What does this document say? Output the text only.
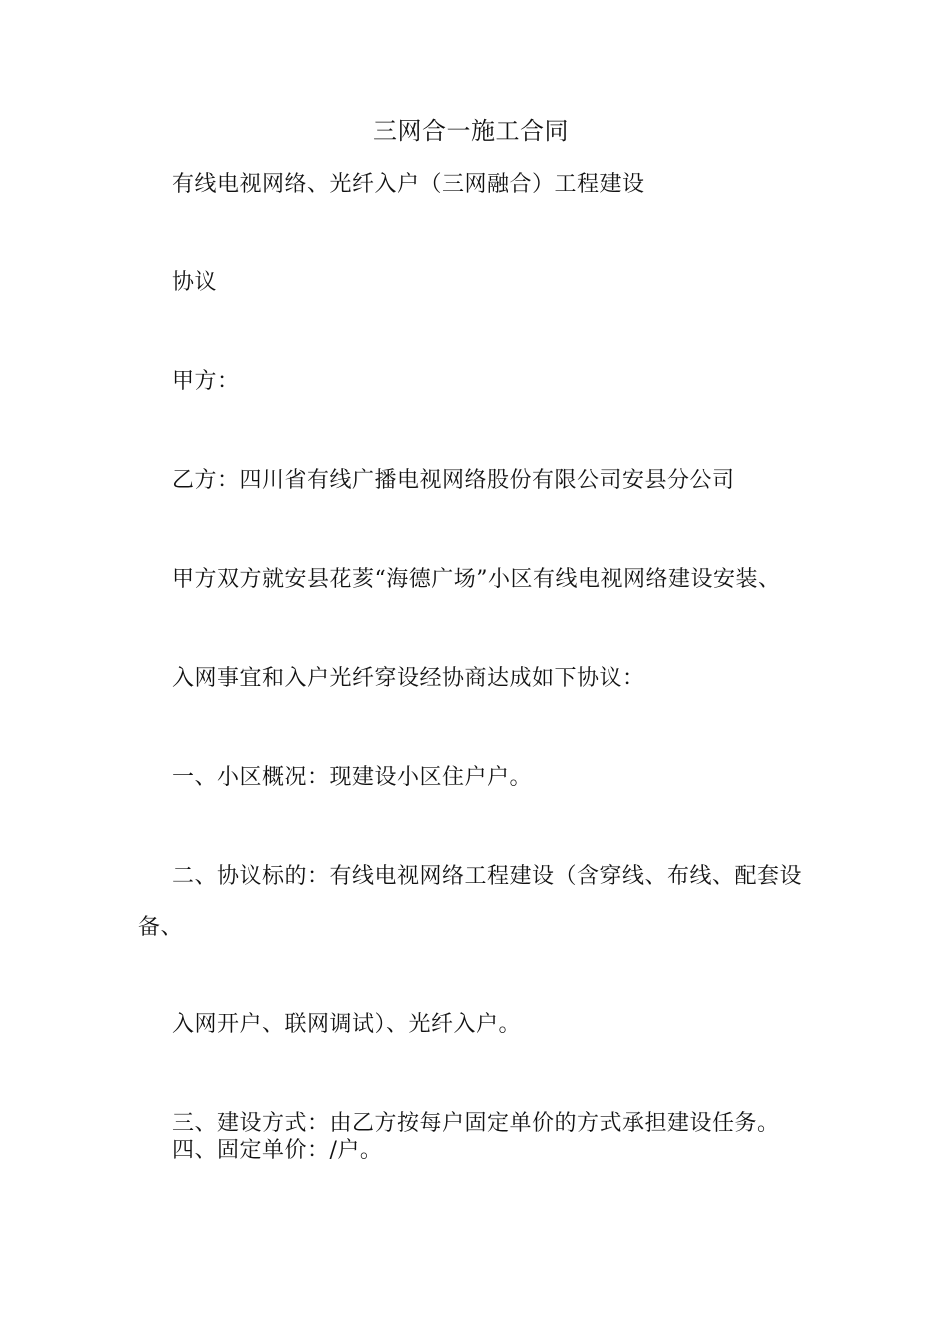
三网合一施工合同
有线电视网络、光纤入户（三网融合）工程建设
协议
甲方：
乙方：四川省有线广播电视网络股份有限公司安县分公司
甲方双方就安县花荄“海德广场”小区有线电视网络建设安装、
入网事宜和入户光纤穿设经协商达成如下协议：
一、小区概况：现建设小区住户户。
二、协议标的：有线电视网络工程建设（含穿线、布线、配套设
备、
入网开户、联网调试）、光纤入户。
三、建设方式：由乙方按每户固定单价的方式承担建设任务。
四、固定单价：/户。
